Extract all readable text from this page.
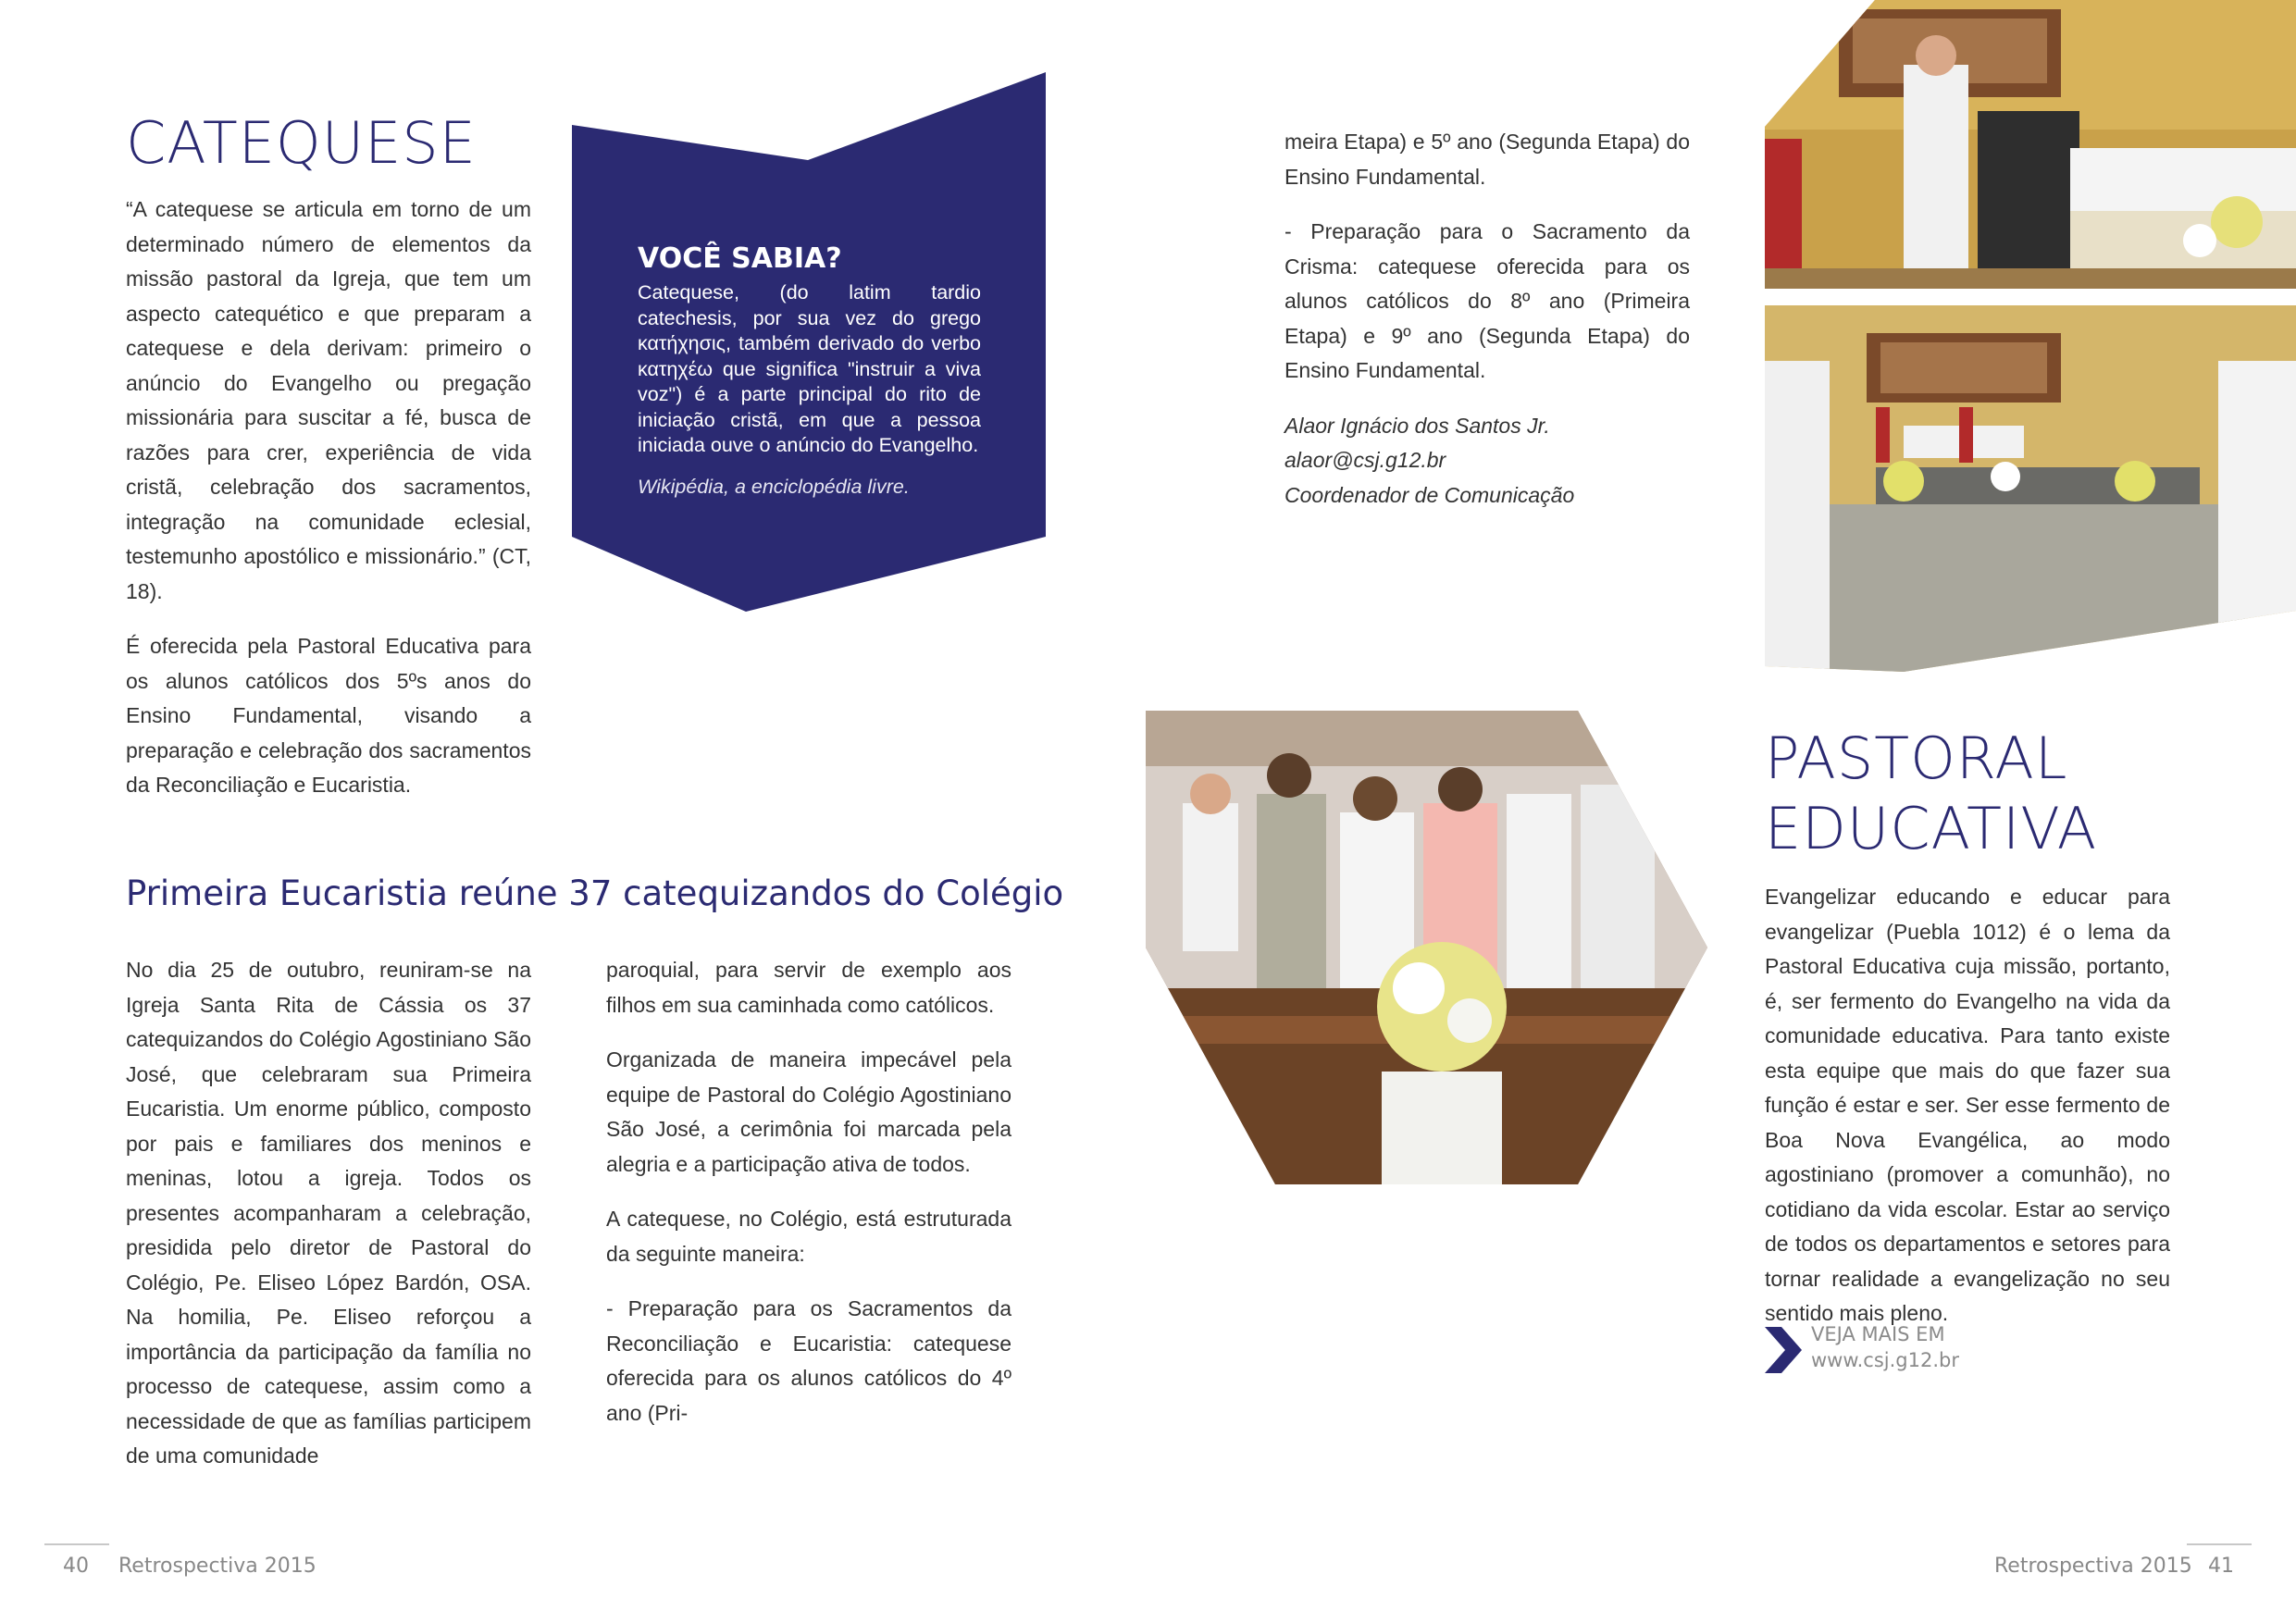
CATEQUESE

“A catequese se articula em torno de um determinado número de elementos da missão pastoral da Igreja, que tem um aspecto catequético e que preparam a catequese e dela derivam: primeiro o anúncio do Evangelho ou pregação missionária para suscitar a fé, busca de razões para crer, experiência de vida cristã, celebração dos sacramentos, integração na comunidade eclesial, testemunho apostólico e missionário.” (CT, 18).

É oferecida pela Pastoral Educativa para os alunos católicos dos 5ºs anos do Ensino Fundamental, visando a preparação e celebração dos sacramentos da Reconciliação e Eucaristia.

VOCÊ SABIA?

Catequese, (do latim tardio catechesis, por sua vez do grego κατήχησις, também derivado do verbo κατηχέω que significa "instruir a viva voz") é a parte principal do rito de iniciação cristã, em que a pessoa iniciada ouve o anúncio do Evangelho.

Wikipédia, a enciclopédia livre.
Primeira Eucaristia reúne 37 catequizandos do Colégio

No dia 25 de outubro, reuniram-se na Igreja Santa Rita de Cássia os 37 catequizandos do Colégio Agostiniano São José, que celebraram sua Primeira Eucaristia. Um enorme público, composto por pais e familiares dos meninos e meninas, lotou a igreja. Todos os presentes acompanharam a celebração, presidida pelo diretor de Pastoral do Colégio, Pe. Eliseo López Bardón, OSA. Na homilia, Pe. Eliseo reforçou a importância da participação da família no processo de catequese, assim como a necessidade de que as famílias participem de uma comunidade

paroquial, para servir de exemplo aos filhos em sua caminhada como católicos.

Organizada de maneira impecável pela equipe de Pastoral do Colégio Agostiniano São José, a cerimônia foi marcada pela alegria e a participação ativa de todos.

A catequese, no Colégio, está estruturada da seguinte maneira:

- Preparação para os Sacramentos da Reconciliação e Eucaristia: catequese oferecida para os alunos católicos do 4º ano (Pri-

40 Retrospectiva 2015

meira Etapa) e 5º ano (Segunda Etapa) do Ensino Fundamental.

- Preparação para o Sacramento da Crisma: catequese oferecida para os alunos católicos do 8º ano (Primeira Etapa) e 9º ano (Segunda Etapa) do Ensino Fundamental.

Alaor Ignácio dos Santos Jr.

alaor@csj.g12.br

Coordenador de Comunicação

PASTORAL
EDUCATIVA

Evangelizar educando e educar para evangelizar (Puebla 1012) é o lema da Pastoral Educativa cuja missão, portanto, é, ser fermento do Evangelho na vida da comunidade educativa. Para tanto existe esta equipe que mais do que fazer sua função é estar e ser. Ser esse fermento de Boa Nova Evangélica, ao modo agostiniano (promover a comunhão), no cotidiano da vida escolar. Estar ao serviço de todos os departamentos e setores para tornar realidade a evangelização no seu sentido mais pleno.

VEJA MAIS EM
www.csj.g12.br
Retrospectiva 2015 41
